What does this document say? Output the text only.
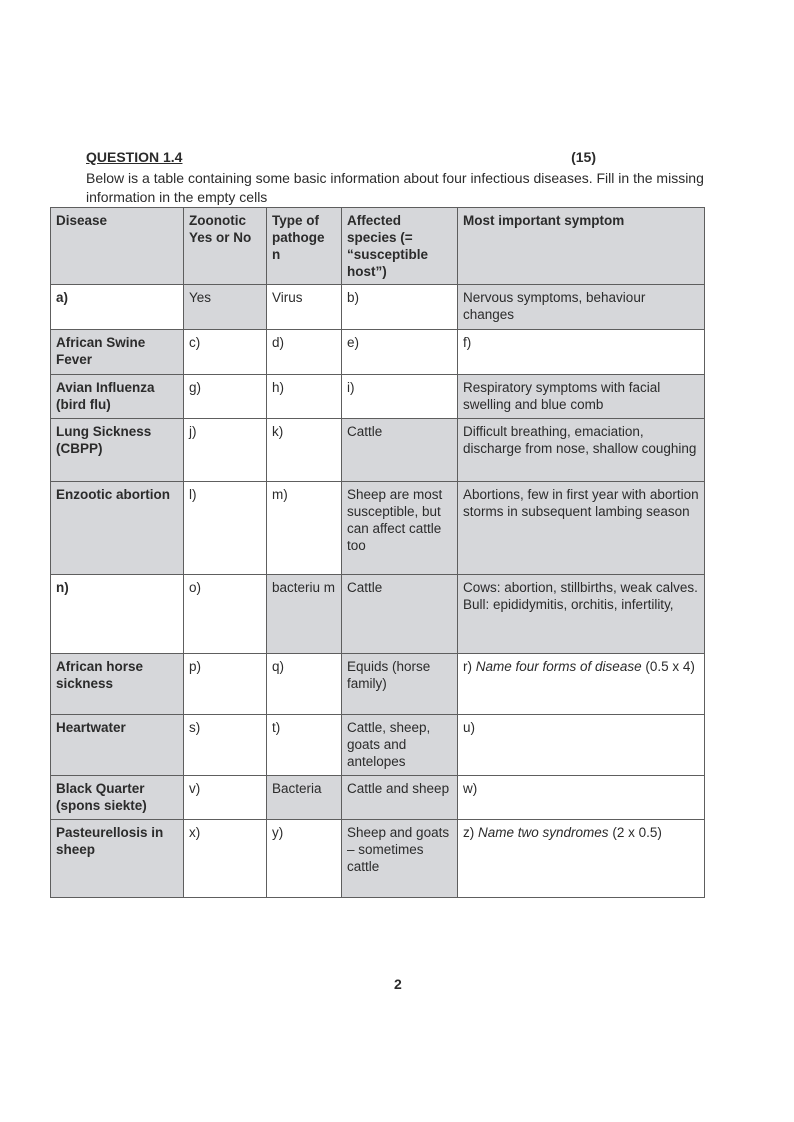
QUESTION 1.4	(15)
Below is a table containing some basic information about four infectious diseases. Fill in the missing information in the empty cells
Disease	Zoonotic Yes or No	Type of pathoge n	Affected species (= “susceptible host”)	Most important symptom
a)	Yes	Virus	b)	Nervous symptoms, behaviour changes
African Swine Fever	c)	d)	e)	f)
Avian Influenza (bird flu)	g)	h)	i)	Respiratory symptoms with facial swelling and blue comb
Lung Sickness (CBPP)	j)	k)	Cattle	Difficult breathing, emaciation, discharge from nose, shallow coughing
Enzootic abortion	l)	m)	Sheep are most susceptible, but can affect cattle too	Abortions, few in first year with abortion storms in subsequent lambing season
n)	o)	bacteriu m	Cattle	Cows: abortion, stillbirths, weak calves.
Bull: epididymitis, orchitis, infertility,

African horse sickness	p)	q)	Equids (horse family)	r) Name four forms of disease (0.5 x 4)
Heartwater	s)	t)	Cattle, sheep, goats and antelopes	u)
Black Quarter (spons siekte)	v)	Bacteria	Cattle and sheep	w)
Pasteurellosis in sheep	x)	y)	Sheep and goats – sometimes cattle	z) Name two syndromes (2 x 0.5)
2
